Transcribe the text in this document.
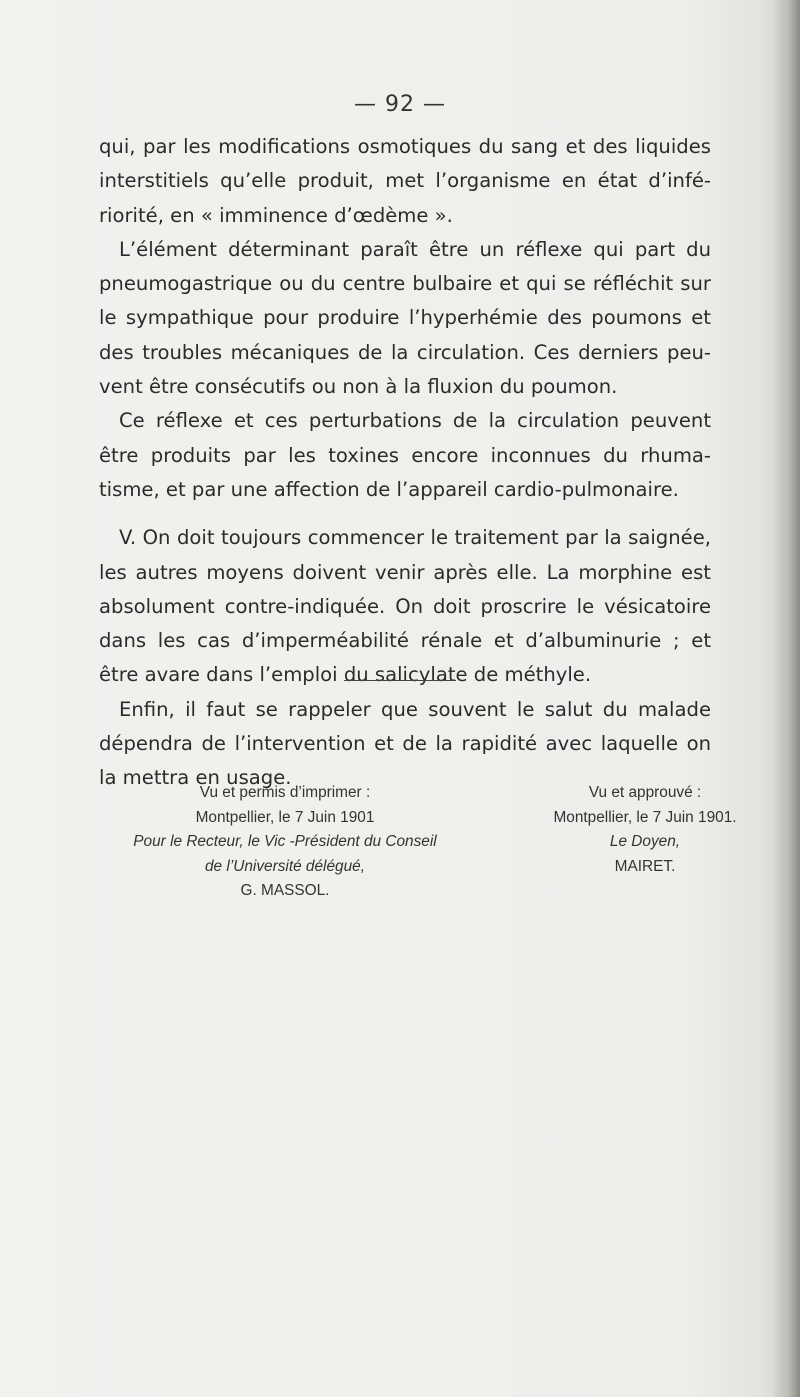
— 92 —

qui, par les modifications osmotiques du sang et des liquides interstitiels qu’elle produit, met l’organisme en état d’infériorité, en « imminence d’œdème ».

L’élément déterminant paraît être un réflexe qui part du pneumogastrique ou du centre bulbaire et qui se réfléchit sur le sympathique pour produire l’hyperhémie des poumons et des troubles mécaniques de la circulation. Ces derniers peuvent être consécutifs ou non à la fluxion du poumon.

Ce réflexe et ces perturbations de la circulation peuvent être produits par les toxines encore inconnues du rhumatisme, et par une affection de l’appareil cardio-pulmonaire.

V. On doit toujours commencer le traitement par la saignée, les autres moyens doivent venir après elle. La morphine est absolument contre-indiquée. On doit proscrire le vésicatoire dans les cas d’imperméabilité rénale et d’albuminurie ; et être avare dans l’emploi du salicylate de méthyle.

Enfin, il faut se rappeler que souvent le salut du malade dépendra de l’intervention et de la rapidité avec laquelle on la mettra en usage.

Vu et permis d’imprimer :
Montpellier, le 7 Juin 1901
Pour le Recteur, le Vic -Président du Conseil
de l’Université délégué,
G. MASSOL.
Vu et approuvé :
Montpellier, le 7 Juin 1901.
Le Doyen,
MAIRET.
